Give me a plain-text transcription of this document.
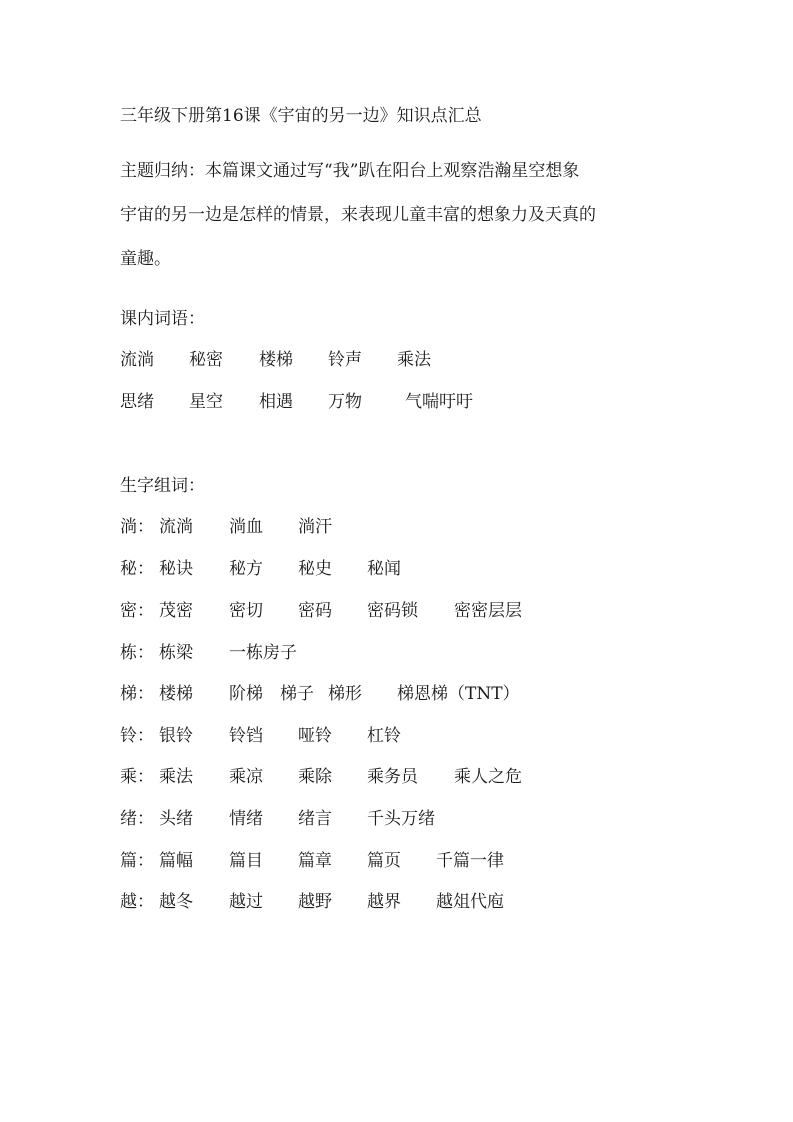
三年级下册第16课《宇宙的另一边》知识点汇总
主题归纳：本篇课文通过写“我”趴在阳台上观察浩瀚星空想象
宇宙的另一边是怎样的情景，来表现儿童丰富的想象力及天真的
童趣。
课内词语：
流淌 秘密 楼梯 铃声 乘法
思绪 星空 相遇 万物	气喘吁吁
生字组词：
淌： 流淌 淌血 淌汗
秘： 秘诀 秘方 秘史 秘闻
密： 茂密 密切 密码 密码锁 密密层层
栋： 栋梁 一栋房子
梯： 楼梯 阶梯 梯子 梯形 梯恩梯（TNT）
铃： 银铃 铃铛 哑铃 杠铃
乘： 乘法 乘凉 乘除 乘务员 乘人之危
绪： 头绪 情绪 绪言 千头万绪
篇： 篇幅 篇目 篇章 篇页 千篇一律
越： 越冬 越过 越野 越界 越俎代庖
